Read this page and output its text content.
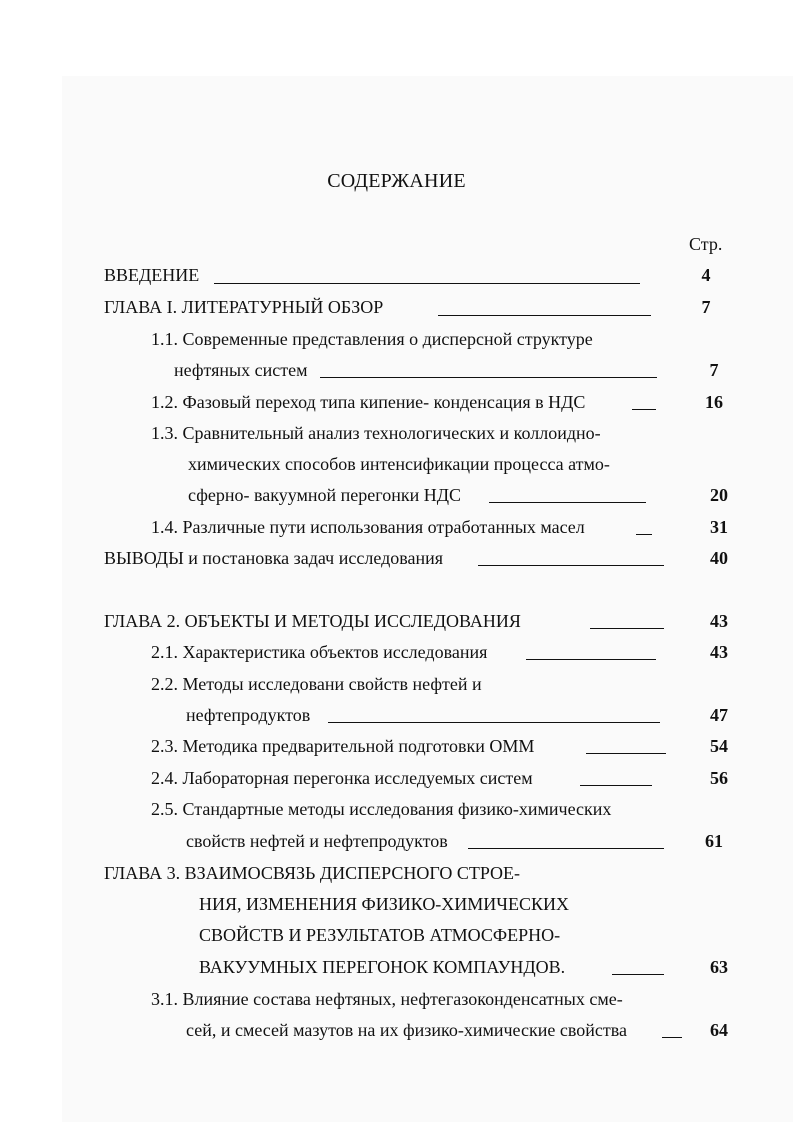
СОДЕРЖАНИЕ
Стр.
ВВЕДЕНИЕ	4
ГЛАВА I. ЛИТЕРАТУРНЫЙ ОБЗОР	7
1.1. Современные представления о дисперсной структуре
нефтяных систем	7
1.2. Фазовый переход типа кипение- конденсация в НДС	16
1.3. Сравнительный анализ технологических и коллоидно-
химических способов интенсификации процесса атмо-
сферно- вакуумной перегонки НДС	20
1.4. Различные пути использования отработанных масел	31
ВЫВОДЫ и постановка задач исследования	40
ГЛАВА 2. ОБЪЕКТЫ И МЕТОДЫ ИССЛЕДОВАНИЯ	43
2.1. Характеристика объектов исследования	43
2.2. Методы исследовани свойств нефтей и
нефтепродуктов	47
2.3. Методика предварительной подготовки ОММ	54
2.4. Лабораторная перегонка исследуемых систем	56
2.5. Стандартные методы исследования физико-химических
свойств нефтей и нефтепродуктов	61
ГЛАВА 3. ВЗАИМОСВЯЗЬ ДИСПЕРСНОГО СТРОЕ-
НИЯ, ИЗМЕНЕНИЯ ФИЗИКО-ХИМИЧЕСКИХ
СВОЙСТВ И РЕЗУЛЬТАТОВ АТМОСФЕРНО-
ВАКУУМНЫХ ПЕРЕГОНОК КОМПАУНДОВ.	63
3.1. Влияние состава нефтяных, нефтегазоконденсатных сме-
сей, и смесей мазутов на их физико-химические свойства	64
